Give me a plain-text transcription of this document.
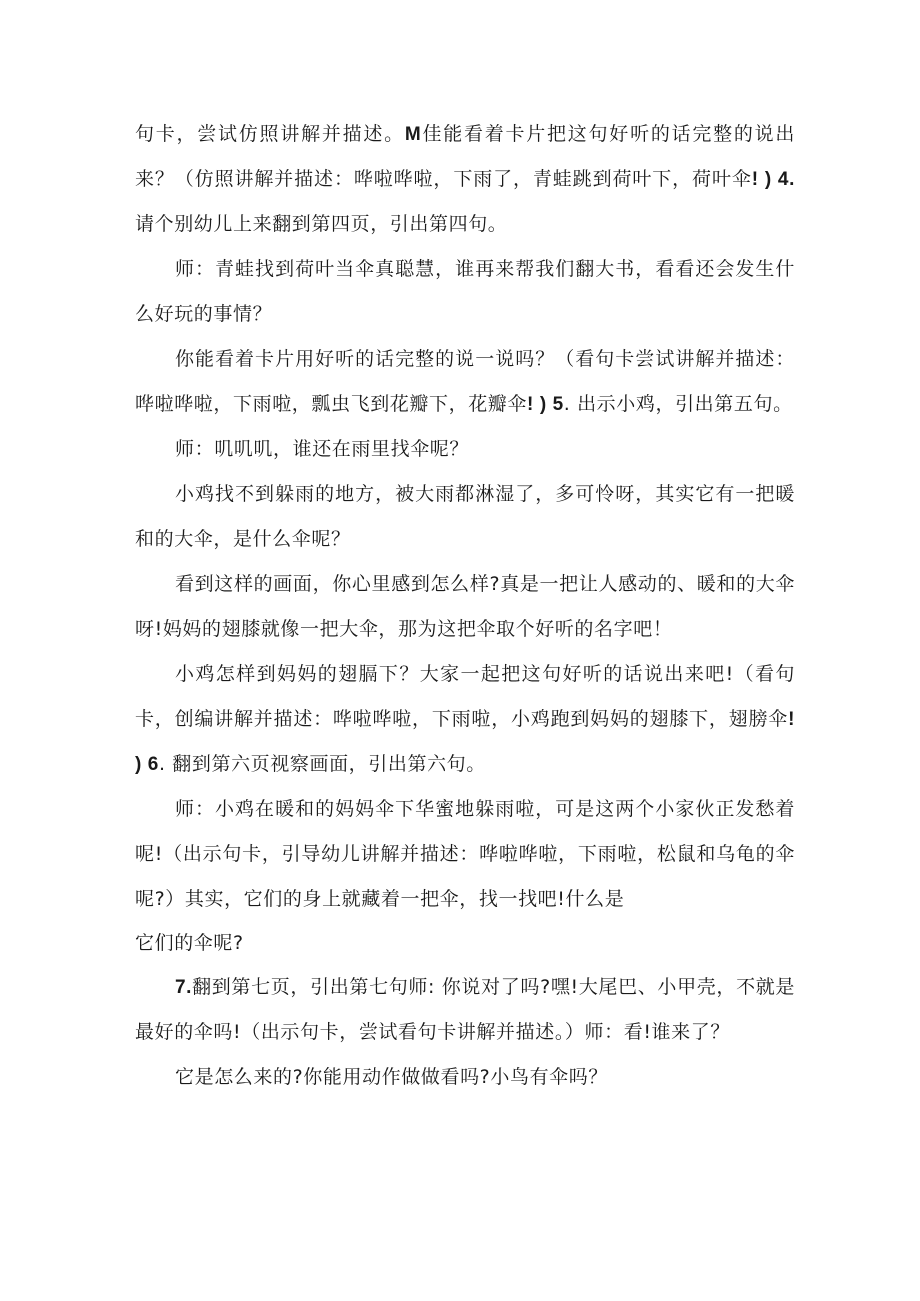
句卡，尝试仿照讲解并描述。M佳能看着卡片把这句好听的话完整的说出来？（仿照讲解并描述：哗啦哗啦，下雨了，青蛙跳到荷叶下，荷叶伞! ) 4.请个别幼儿上来翻到第四页，引出第四句。

师：青蛙找到荷叶当伞真聪慧，谁再来帮我们翻大书，看看还会发生什么好玩的事情？

你能看着卡片用好听的话完整的说一说吗？（看句卡尝试讲解并描述：哗啦哗啦，下雨啦，瓢虫飞到花瓣下，花瓣伞! ) 5. 出示小鸡，引出第五句。

师：叽叽叽，谁还在雨里找伞呢？

小鸡找不到躲雨的地方，被大雨都淋湿了，多可怜呀，其实它有一把暖和的大伞，是什么伞呢？

看到这样的画面，你心里感到怎么样?真是一把让人感动的、暖和的大伞呀!妈妈的翅膝就像一把大伞，那为这把伞取个好听的名字吧！

小鸡怎样到妈妈的翅膈下？大家一起把这句好听的话说出来吧!（看句卡，创编讲解并描述：哗啦哗啦，下雨啦，小鸡跑到妈妈的翅膝下，翅膀伞! ) 6. 翻到第六页视察画面，引出第六句。

师：小鸡在暖和的妈妈伞下华蜜地躲雨啦，可是这两个小家伙正发愁着呢!（出示句卡，引导幼儿讲解并描述：哗啦哗啦，下雨啦，松鼠和乌龟的伞呢?）其实，它们的身上就藏着一把伞，找一找吧!什么是

它们的伞呢?

7.翻到第七页，引出第七句师: 你说对了吗?嘿!大尾巴、小甲壳，不就是最好的伞吗!（出示句卡，尝试看句卡讲解并描述。）师：看!谁来了？

它是怎么来的?你能用动作做做看吗?小鸟有伞吗？
